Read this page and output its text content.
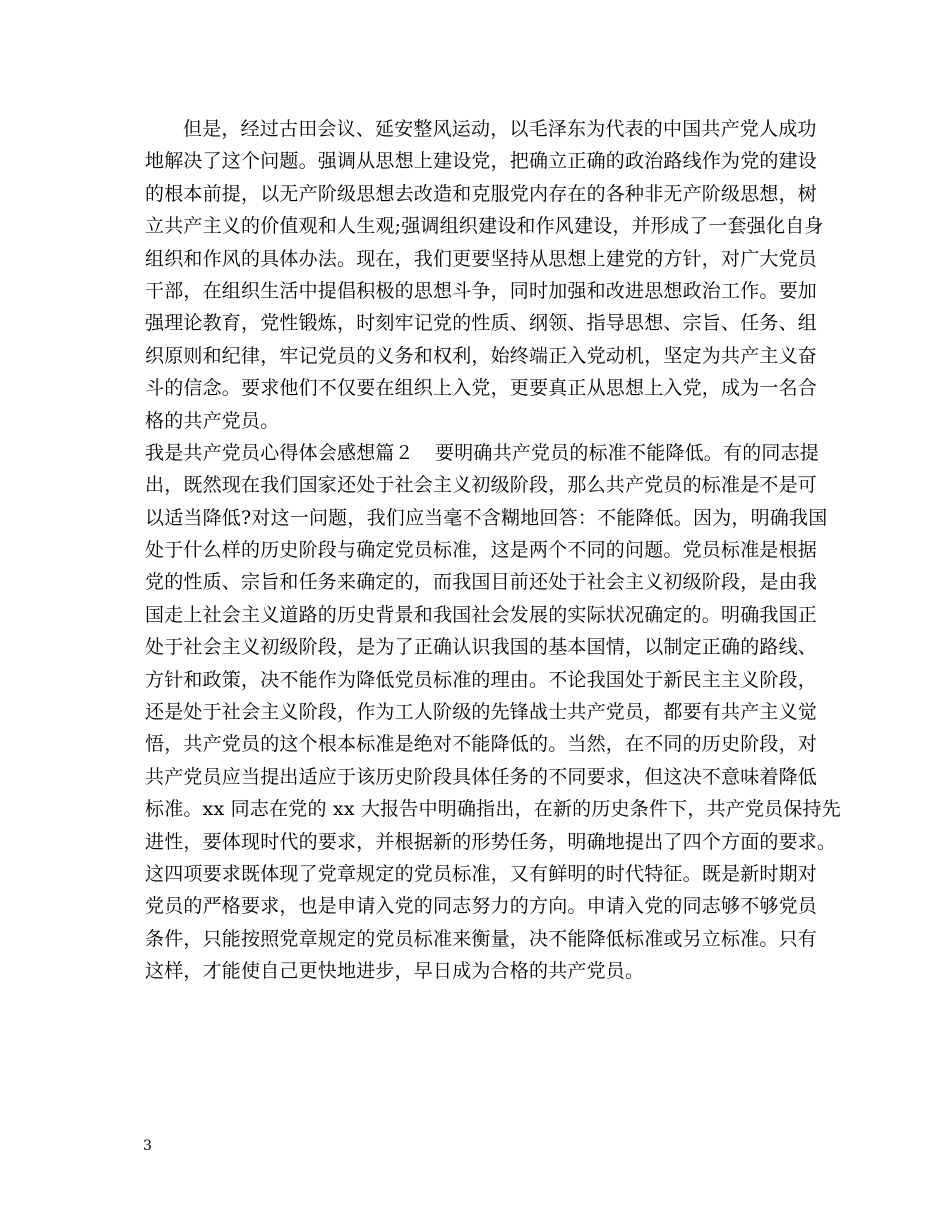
但是，经过古田会议、延安整风运动，以毛泽东为代表的中国共产党人成功
地解决了这个问题。强调从思想上建设党，把确立正确的政治路线作为党的建设
的根本前提，以无产阶级思想去改造和克服党内存在的各种非无产阶级思想，树
立共产主义的价值观和人生观;强调组织建设和作风建设，并形成了一套强化自身
组织和作风的具体办法。现在，我们更要坚持从思想上建党的方针，对广大党员
干部，在组织生活中提倡积极的思想斗争，同时加强和改进思想政治工作。要加
强理论教育，党性锻炼，时刻牢记党的性质、纲领、指导思想、宗旨、任务、组
织原则和纪律，牢记党员的义务和权利，始终端正入党动机，坚定为共产主义奋
斗的信念。要求他们不仅要在组织上入党，更要真正从思想上入党，成为一名合
格的共产党员。
我是共产党员心得体会感想篇２ 要明确共产党员的标准不能降低。有的同志提
出，既然现在我们国家还处于社会主义初级阶段，那么共产党员的标准是不是可
以适当降低?对这一问题，我们应当毫不含糊地回答：不能降低。因为，明确我国
处于什么样的历史阶段与确定党员标准，这是两个不同的问题。党员标准是根据
党的性质、宗旨和任务来确定的，而我国目前还处于社会主义初级阶段，是由我
国走上社会主义道路的历史背景和我国社会发展的实际状况确定的。明确我国正
处于社会主义初级阶段，是为了正确认识我国的基本国情，以制定正确的路线、
方针和政策，决不能作为降低党员标准的理由。不论我国处于新民主主义阶段，
还是处于社会主义阶段，作为工人阶级的先锋战士共产党员，都要有共产主义觉
悟，共产党员的这个根本标准是绝对不能降低的。当然，在不同的历史阶段，对
共产党员应当提出适应于该历史阶段具体任务的不同要求，但这决不意味着降低
标准。xx 同志在党的 xx 大报告中明确指出，在新的历史条件下，共产党员保持先
进性，要体现时代的要求，并根据新的形势任务，明确地提出了四个方面的要求。
这四项要求既体现了党章规定的党员标准，又有鲜明的时代特征。既是新时期对
党员的严格要求，也是申请入党的同志努力的方向。申请入党的同志够不够党员
条件，只能按照党章规定的党员标准来衡量，决不能降低标准或另立标准。只有
这样，才能使自己更快地进步，早日成为合格的共产党员。
3
